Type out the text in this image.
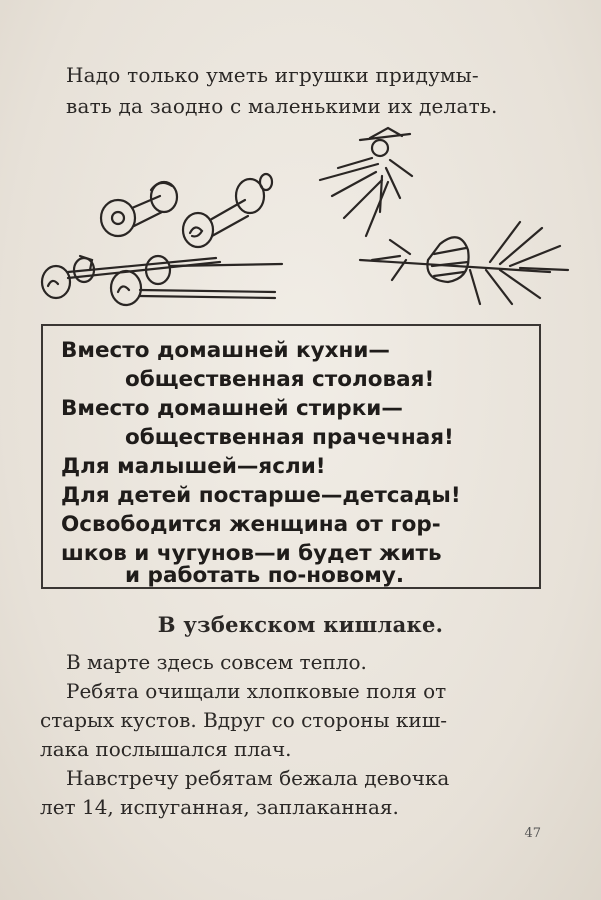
Надо только уметь игрушки придумы-
вать да заодно с маленькими их делать.
Вместо домашней кухни—
общественная столовая!
Вместо домашней стирки—
общественная прачечная!
Для малышей—ясли!
Для детей постарше—детсады!
Освободится женщина от гор-
шков и чугунов—и будет жить
и работать по-новому.
В узбекском кишлаке.
В марте здесь совсем тепло.
Ребята очищали хлопковые поля от
старых кустов. Вдруг со стороны киш-
лака послышался плач.
Навстречу ребятам бежала девочка
лет 14, испуганная, заплаканная.
47
